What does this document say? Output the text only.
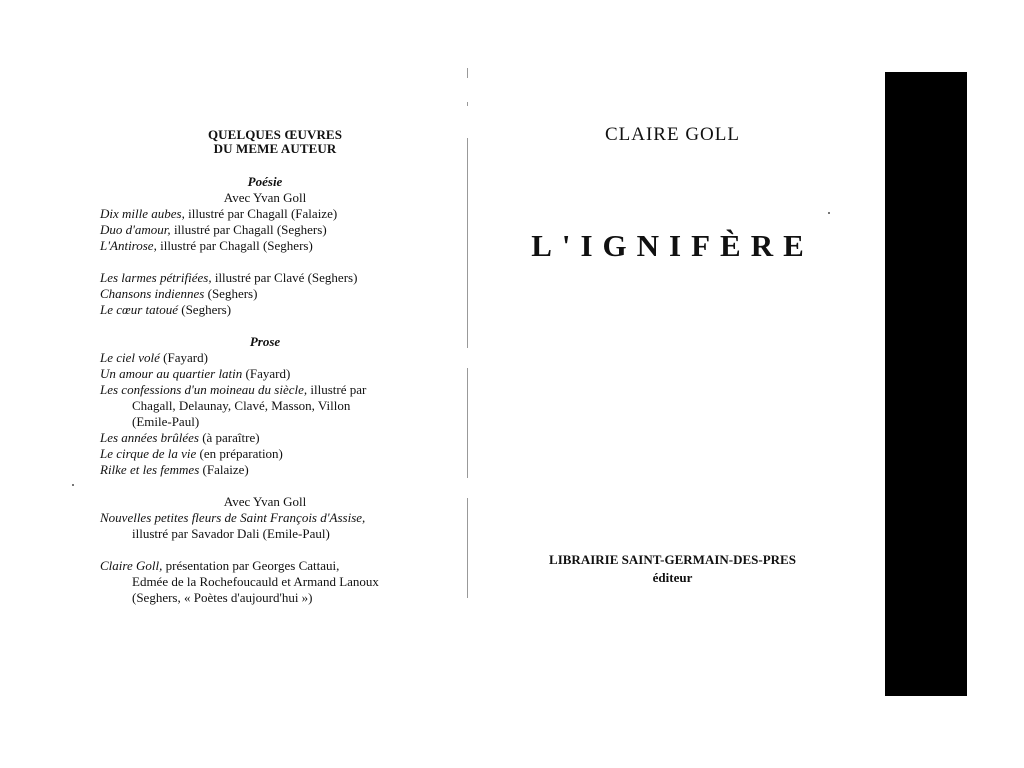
QUELQUES ŒUVRES
DU MEME AUTEUR
Poésie
Avec Yvan Goll
Dix mille aubes, illustré par Chagall (Falaize)
Duo d'amour, illustré par Chagall (Seghers)
L'Antirose, illustré par Chagall (Seghers)
Les larmes pétrifiées, illustré par Clavé (Seghers)
Chansons indiennes (Seghers)
Le cœur tatoué (Seghers)
Prose
Le ciel volé (Fayard)
Un amour au quartier latin (Fayard)
Les confessions d'un moineau du siècle, illustré par
Chagall, Delaunay, Clavé, Masson, Villon
(Emile-Paul)
Les années brûlées (à paraître)
Le cirque de la vie (en préparation)
Rilke et les femmes (Falaize)
Avec Yvan Goll
Nouvelles petites fleurs de Saint François d'Assise,
illustré par Savador Dali (Emile-Paul)
Claire Goll, présentation par Georges Cattaui,
Edmée de la Rochefoucauld et Armand Lanoux
(Seghers, « Poètes d'aujourd'hui »)
CLAIRE GOLL
L'IGNIFÈRE
LIBRAIRIE SAINT-GERMAIN-DES-PRES
éditeur
